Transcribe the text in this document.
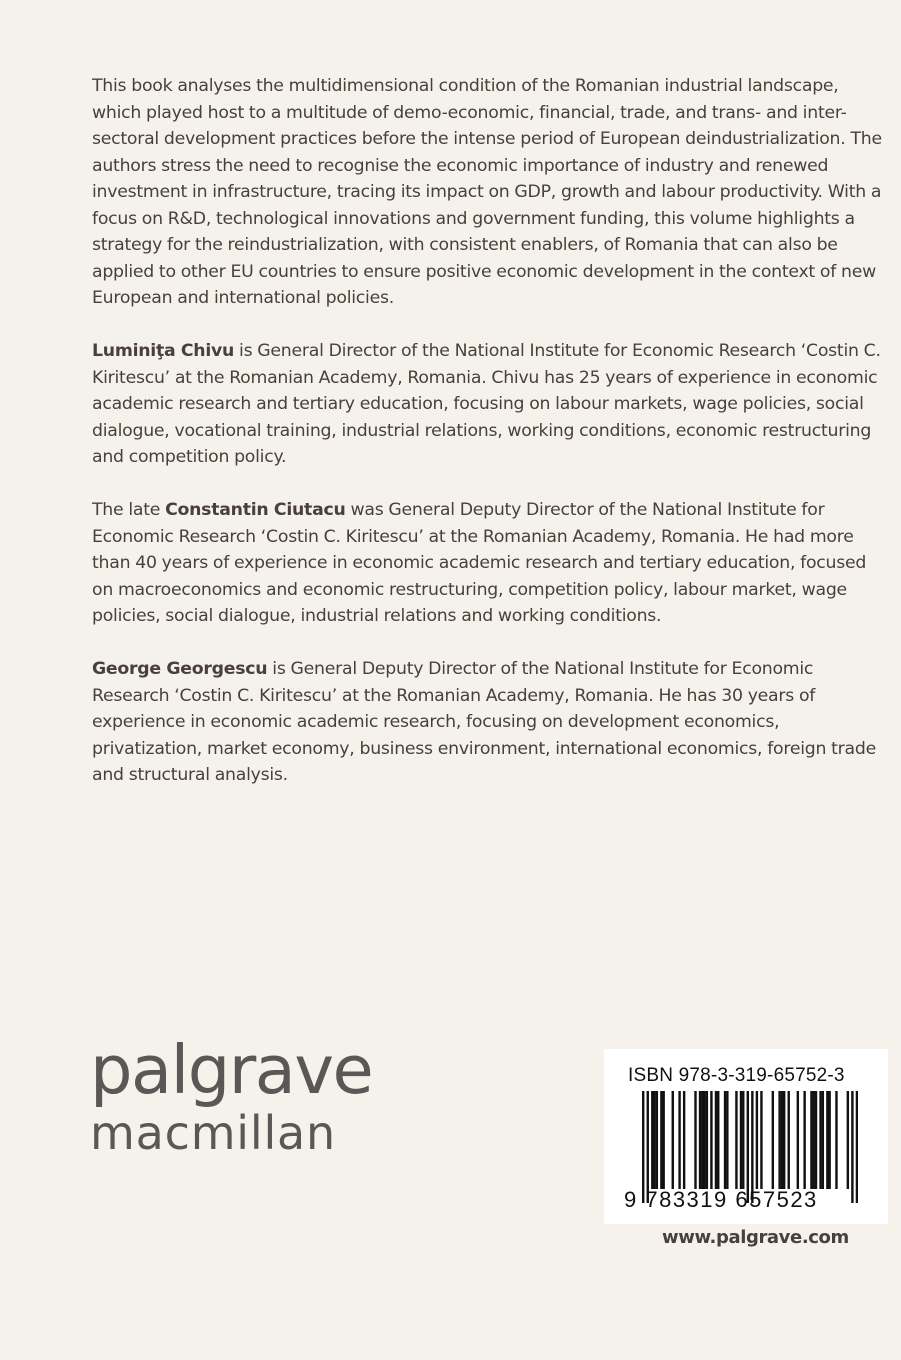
This book analyses the multidimensional condition of the Romanian industrial landscape, which played host to a multitude of demo-economic, financial, trade, and trans- and inter-sectoral development practices before the intense period of European deindustrialization. The authors stress the need to recognise the economic importance of industry and renewed investment in infrastructure, tracing its impact on GDP, growth and labour productivity. With a focus on R&D, technological innovations and government funding, this volume highlights a strategy for the reindustrialization, with consistent enablers, of Romania that can also be applied to other EU countries to ensure positive economic development in the context of new European and international policies.

Luminiţa Chivu is General Director of the National Institute for Economic Research ‘Costin C. Kiritescu’ at the Romanian Academy, Romania. Chivu has 25 years of experience in economic academic research and tertiary education, focusing on labour markets, wage policies, social dialogue, vocational training, industrial relations, working conditions, economic restructuring and competition policy.

The late Constantin Ciutacu was General Deputy Director of the National Institute for Economic Research ‘Costin C. Kiritescu’ at the Romanian Academy, Romania. He had more than 40 years of experience in economic academic research and tertiary education, focused on macroeconomics and economic restructuring, competition policy, labour market, wage policies, social dialogue, industrial relations and working conditions.

George Georgescu is General Deputy Director of the National Institute for Economic Research ‘Costin C. Kiritescu’ at the Romanian Academy, Romania. He has 30 years of experience in economic academic research, focusing on development economics, privatization, market economy, business environment, international economics, foreign trade and structural analysis.

palgrave
macmillan
ISBN 978-3-319-65752-3
9 783319 657523
www.palgrave.com
